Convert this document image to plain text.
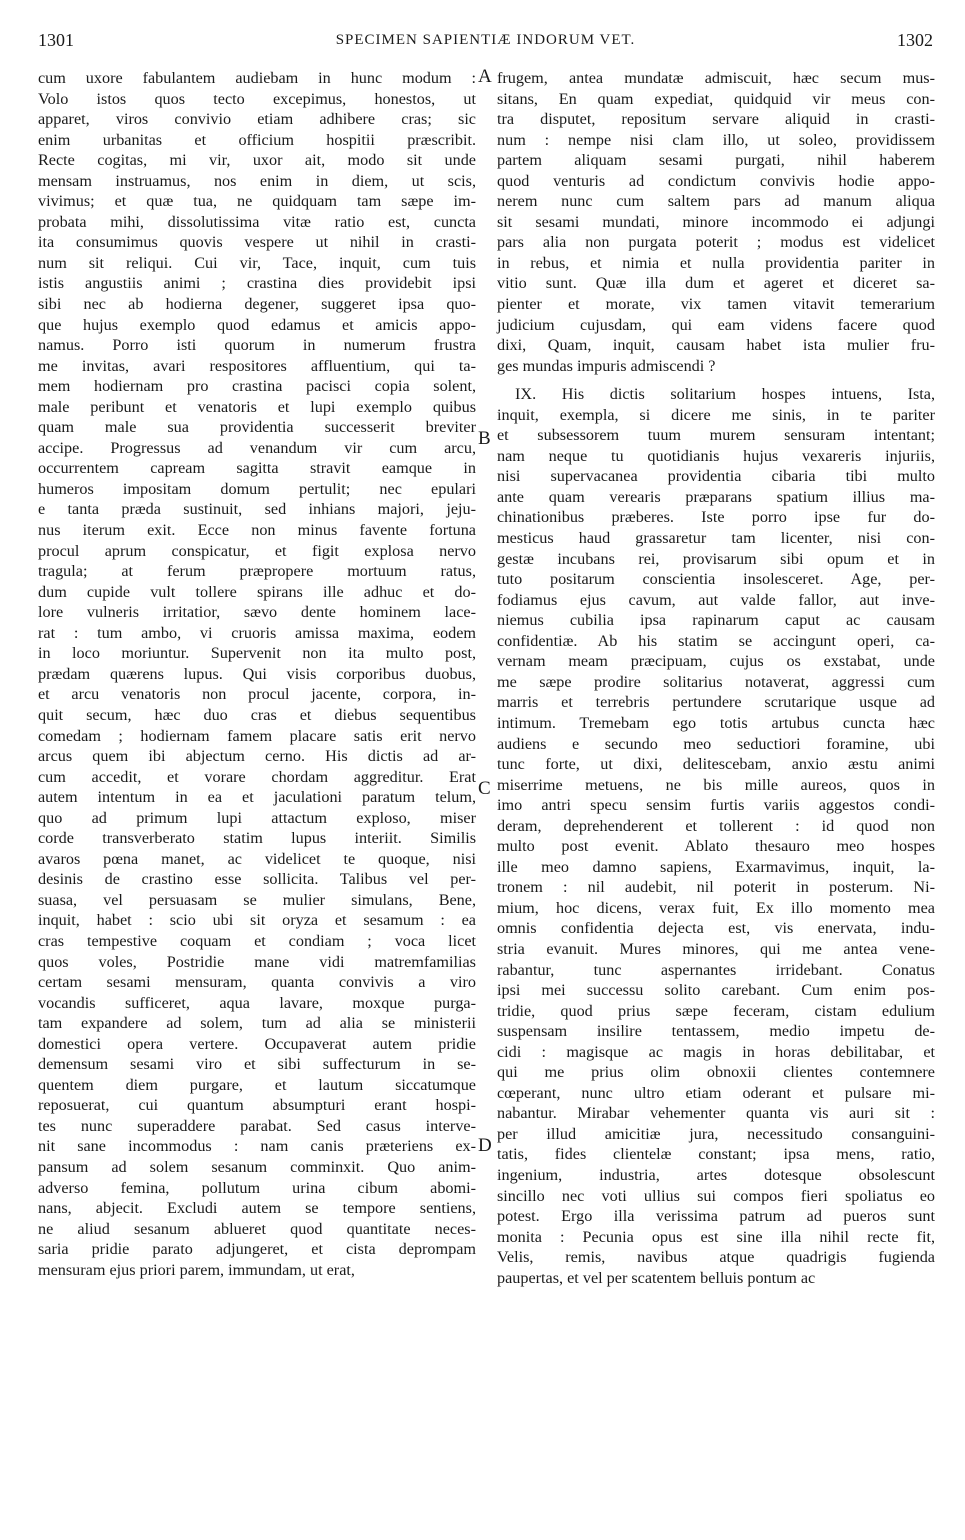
1301	SPECIMEN SAPIENTIÆ INDORUM VET.	1302
cum uxore fabulantem audiebam in hunc modum :
Volo istos quos tecto excepimus, honestos, ut
apparet, viros convivio etiam adhibere cras; sic
enim urbanitas et officium hospitii præscribit.
Recte cogitas, mi vir, uxor ait, modo sit unde
mensam instruamus, nos enim in diem, ut scis,
vivimus; et quæ tua, ne quidquam tam sæpe im-
probata mihi, dissolutissima vitæ ratio est, cuncta
ita consumimus quovis vespere ut nihil in crasti-
num sit reliqui. Cui vir, Tace, inquit, cum tuis
istis angustiis animi ; crastina dies providebit ipsi
sibi nec ab hodierna degener, suggeret ipsa quo-
que hujus exemplo quod edamus et amicis appo-
namus. Porro isti quorum in numerum frustra
me invitas, avari respositores affluentium, qui ta-
mem hodiernam pro crastina pacisci copia solent,
male peribunt et venatoris et lupi exemplo quibus
quam male sua providentia successerit breviter
accipe. Progressus ad venandum vir cum arcu,
occurrentem capream sagitta stravit eamque in
humeros impositam domum pertulit; nec epulari
e tanta præda sustinuit, sed inhians majori, jeju-
nus iterum exit. Ecce non minus favente fortuna
procul aprum conspicatur, et figit explosa nervo
tragula; at ferum præpropere mortuum ratus,
dum cupide vult tollere spirans ille adhuc et do-
lore vulneris irritatior, sævo dente hominem lace-
rat : tum ambo, vi cruoris amissa maxima, eodem
in loco moriuntur. Supervenit non ita multo post,
prædam quærens lupus. Qui visis corporibus duobus,
et arcu venatoris non procul jacente, corpora, in-
quit secum, hæc duo cras et diebus sequentibus
comedam ; hodiernam famem placare satis erit nervo
arcus quem ibi abjectum cerno. His dictis ad ar-
cum accedit, et vorare chordam aggreditur. Erat
autem intentum in ea et jaculationi paratum telum,
quo ad primum lupi attactum exploso, miser
corde transverberato statim lupus interiit. Similis
avaros pœna manet, ac videlicet te quoque, nisi
desinis de crastino esse sollicita. Talibus vel per-
suasa, vel persuasam se mulier simulans, Bene,
inquit, habet : scio ubi sit oryza et sesamum : ea
cras tempestive coquam et condiam ; voca licet
quos voles, Postridie mane vidi matremfamilias
certam sesami mensuram, quanta convivis a viro
vocandis sufficeret, aqua lavare, moxque purga-
tam expandere ad solem, tum ad alia se ministerii
domestici opera vertere. Occupaverat autem pridie
demensum sesami viro et sibi suffecturum in se-
quentem diem purgare, et lautum siccatumque
reposuerat, cui quantum absumpturi erant hospi-
tes nunc superaddere parabat. Sed casus interve-
nit sane incommodus : nam canis præteriens ex-
pansum ad solem sesanum comminxit. Quo anim-
adverso femina, pollutum urina cibum abomi-
nans, abjecit. Excludi autem se tempore sentiens,
ne aliud sesanum ablueret quod quantitate neces-
saria pridie parato adjungeret, et cista deprompam
mensuram ejus priori parem, immundam, ut erat,
frugem, antea mundatæ admiscuit, hæc secum mus-
sitans, En quam expediat, quidquid vir meus con-
tra disputet, repositum servare aliquid in crasti-
num : nempe nisi clam illo, ut soleo, providissem
partem aliquam sesami purgati, nihil haberem
quod venturis ad condictum convivis hodie appo-
nerem nunc cum saltem pars ad manum aliqua
sit sesami mundati, minore incommodo ei adjungi
pars alia non purgata poterit ; modus est videlicet
in rebus, et nimia et nulla providentia pariter in
vitio sunt. Quæ illa dum et ageret et diceret sa-
pienter et morate, vix tamen vitavit temerarium
judicium cujusdam, qui eam videns facere quod
dixi, Quam, inquit, causam habet ista mulier fru-
ges mundas impuris admiscendi ?
IX. His dictis solitarium hospes intuens, Ista,
inquit, exempla, si dicere me sinis, in te pariter
et subsessorem tuum murem sensuram intentant;
nam neque tu quotidianis hujus vexareris injuriis,
nisi supervacanea providentia cibaria tibi multo
ante quam verearis præparans spatium illius ma-
chinationibus præberes. Iste porro ipse fur do-
mesticus haud grassaretur tam licenter, nisi con-
gestæ incubans rei, provisarum sibi opum et in
tuto positarum conscientia insolesceret. Age, per-
fodiamus ejus cavum, aut valde fallor, aut inve-
niemus cubilia ipsa rapinarum caput ac causam
confidentiæ. Ab his statim se accingunt operi, ca-
vernam meam præcipuam, cujus os exstabat, unde
me sæpe prodire solitarius notaverat, aggressi cum
marris et terrebris pertundere scrutarique usque ad
intimum. Tremebam ego totis artubus cuncta hæc
audiens e secundo meo seductiori foramine, ubi
tunc forte, ut dixi, delitescebam, anxio æstu animi
miserrime metuens, ne bis mille aureos, quos in
imo antri specu sensim furtis variis aggestos condi-
deram, deprehenderent et tollerent : id quod non
multo post evenit. Ablato thesauro meo hospes
ille meo damno sapiens, Exarmavimus, inquit, la-
tronem : nil audebit, nil poterit in posterum. Ni-
mium, hoc dicens, verax fuit, Ex illo momento mea
omnis confidentia dejecta est, vis enervata, indu-
stria evanuit. Mures minores, qui me antea vene-
rabantur, tunc aspernantes irridebant. Conatus
ipsi mei successu solito carebant. Cum enim pos-
tridie, quod prius sæpe feceram, cistam edulium
suspensam insilire tentassem, medio impetu de-
cidi : magisque ac magis in horas debilitabar, et
qui me prius olim obnoxii clientes contemnere
cœperant, nunc ultro etiam oderant et pulsare mi-
nabantur. Mirabar vehementer quanta vis auri sit :
per illud amicitiæ jura, necessitudo consanguini-
tatis, fides clientelæ constant; ipsa mens, ratio,
ingenium, industria, artes dotesque obsolescunt
sincillo nec voti ullius sui compos fieri spoliatus eo
potest. Ergo illa verissima patrum ad pueros sunt
monita : Pecunia opus est sine illa nihil recte fit,
Velis, remis, navibus atque quadrigis fugienda
paupertas, et vel per scatentem belluis pontum ac
A
B
C
D
